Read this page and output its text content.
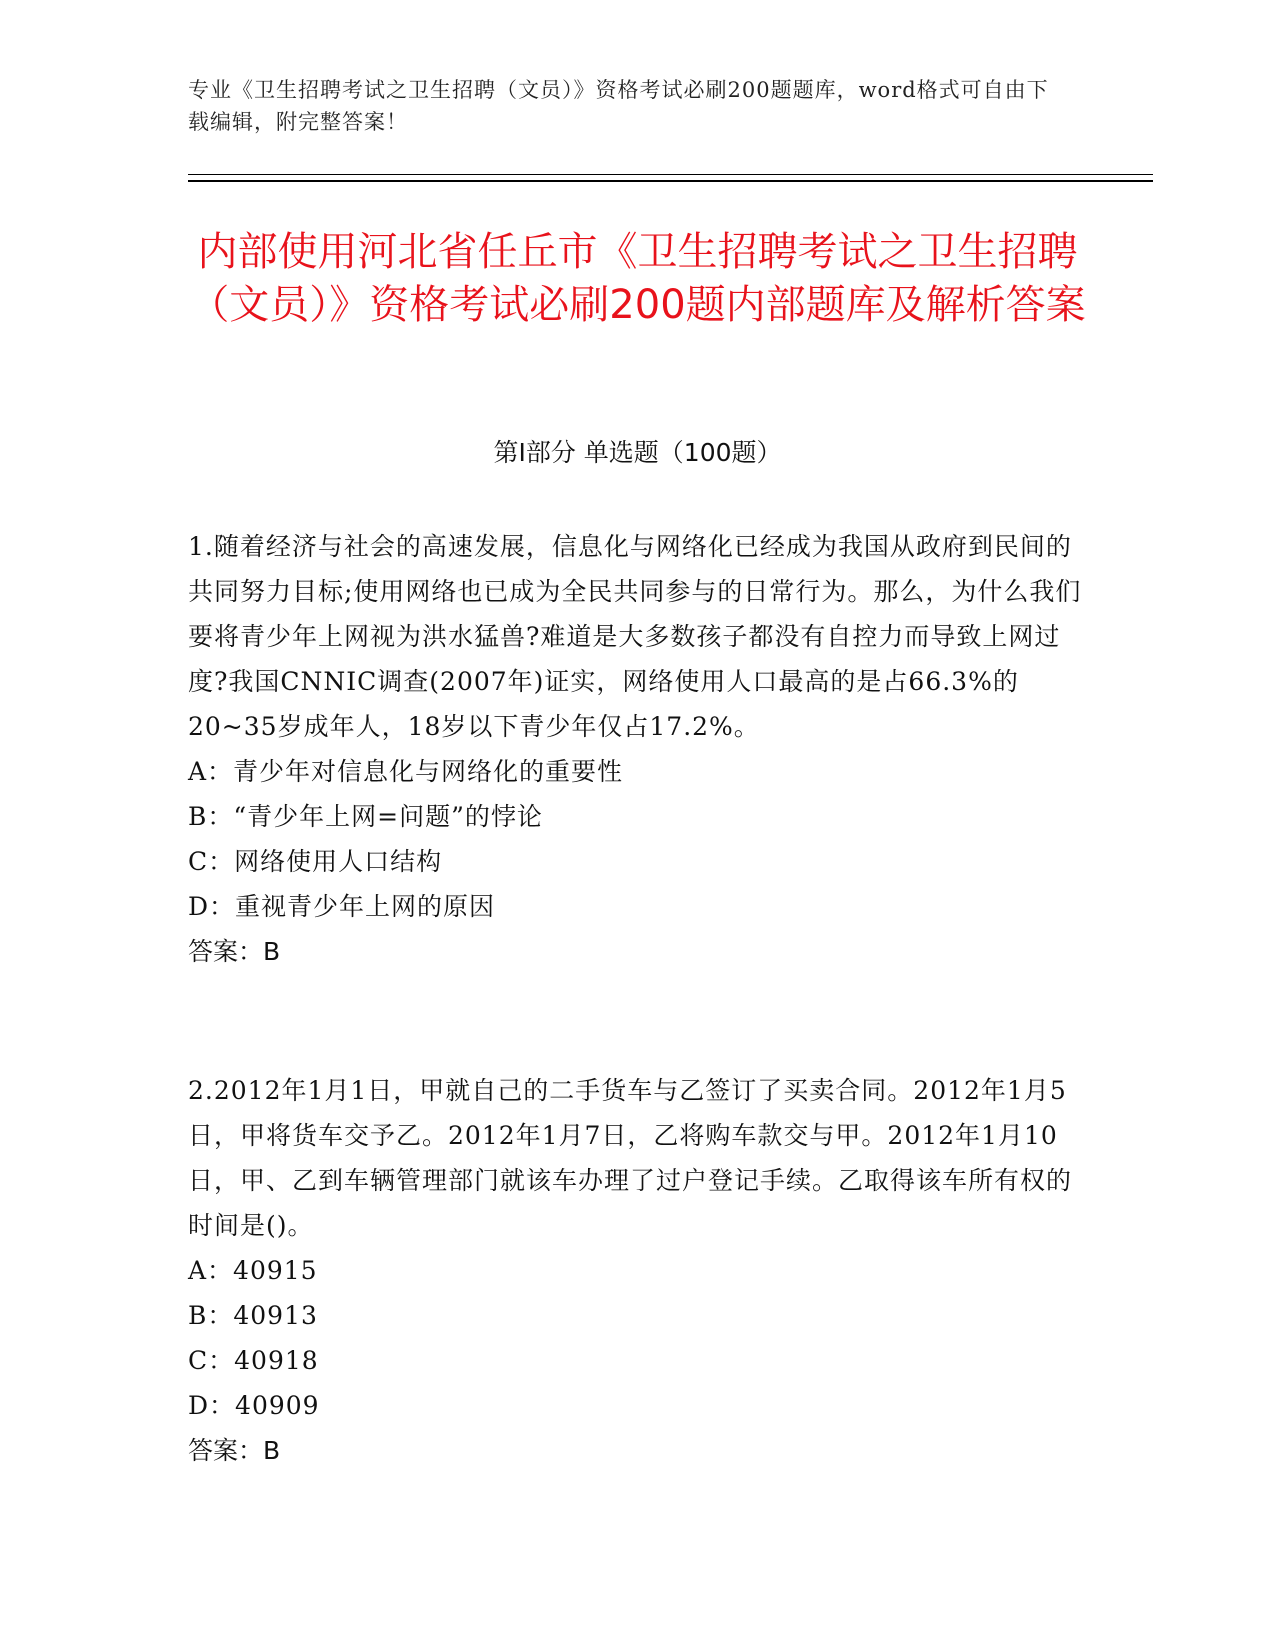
专业《卫生招聘考试之卫生招聘（文员）》资格考试必刷200题题库，word格式可自由下载编辑，附完整答案！
内部使用河北省任丘市《卫生招聘考试之卫生招聘（文员）》资格考试必刷200题内部题库及解析答案
第Ⅰ部分 单选题（100题）

1.随着经济与社会的高速发展，信息化与网络化已经成为我国从政府到民间的共同努力目标;使用网络也已成为全民共同参与的日常行为。那么，为什么我们要将青少年上网视为洪水猛兽?难道是大多数孩子都没有自控力而导致上网过度?我国CNNIC调查(2007年)证实，网络使用人口最高的是占66.3%的20~35岁成年人，18岁以下青少年仅占17.2%。

A：青少年对信息化与网络化的重要性

B：“青少年上网=问题”的悖论

C：网络使用人口结构

D：重视青少年上网的原因

答案：B

2.2012年1月1日，甲就自己的二手货车与乙签订了买卖合同。2012年1月5日，甲将货车交予乙。2012年1月7日，乙将购车款交与甲。2012年1月10日，甲、乙到车辆管理部门就该车办理了过户登记手续。乙取得该车所有权的时间是()。

A：40915

B：40913

C：40918

D：40909

答案：B
